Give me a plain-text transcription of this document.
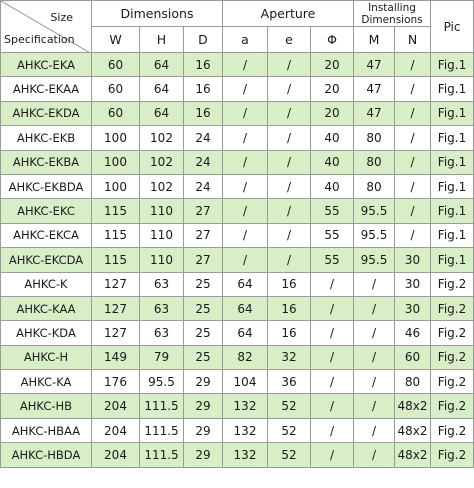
Size
Specification	Dimensions			Aperture			Installing Dimensions		Pic
	W	H	D	a	e	Φ	M	N	
AHKC-EKA	60	64	16	/	/	20	47	/	Fig.1
AHKC-EKAA	60	64	16	/	/	20	47	/	Fig.1
AHKC-EKDA	60	64	16	/	/	20	47	/	Fig.1
AHKC-EKB	100	102	24	/	/	40	80	/	Fig.1
AHKC-EKBA	100	102	24	/	/	40	80	/	Fig.1
AHKC-EKBDA	100	102	24	/	/	40	80	/	Fig.1
AHKC-EKC	115	110	27	/	/	55	95.5	/	Fig.1
AHKC-EKCA	115	110	27	/	/	55	95.5	/	Fig.1
AHKC-EKCDA	115	110	27	/	/	55	95.5	30	Fig.1
AHKC-K	127	63	25	64	16	/	/	30	Fig.2
AHKC-KAA	127	63	25	64	16	/	/	30	Fig.2
AHKC-KDA	127	63	25	64	16	/	/	46	Fig.2
AHKC-H	149	79	25	82	32	/	/	60	Fig.2
AHKC-KA	176	95.5	29	104	36	/	/	80	Fig.2
AHKC-HB	204	111.5	29	132	52	/	/	48x2	Fig.2
AHKC-HBAA	204	111.5	29	132	52	/	/	48x2	Fig.2
AHKC-HBDA	204	111.5	29	132	52	/	/	48x2	Fig.2
